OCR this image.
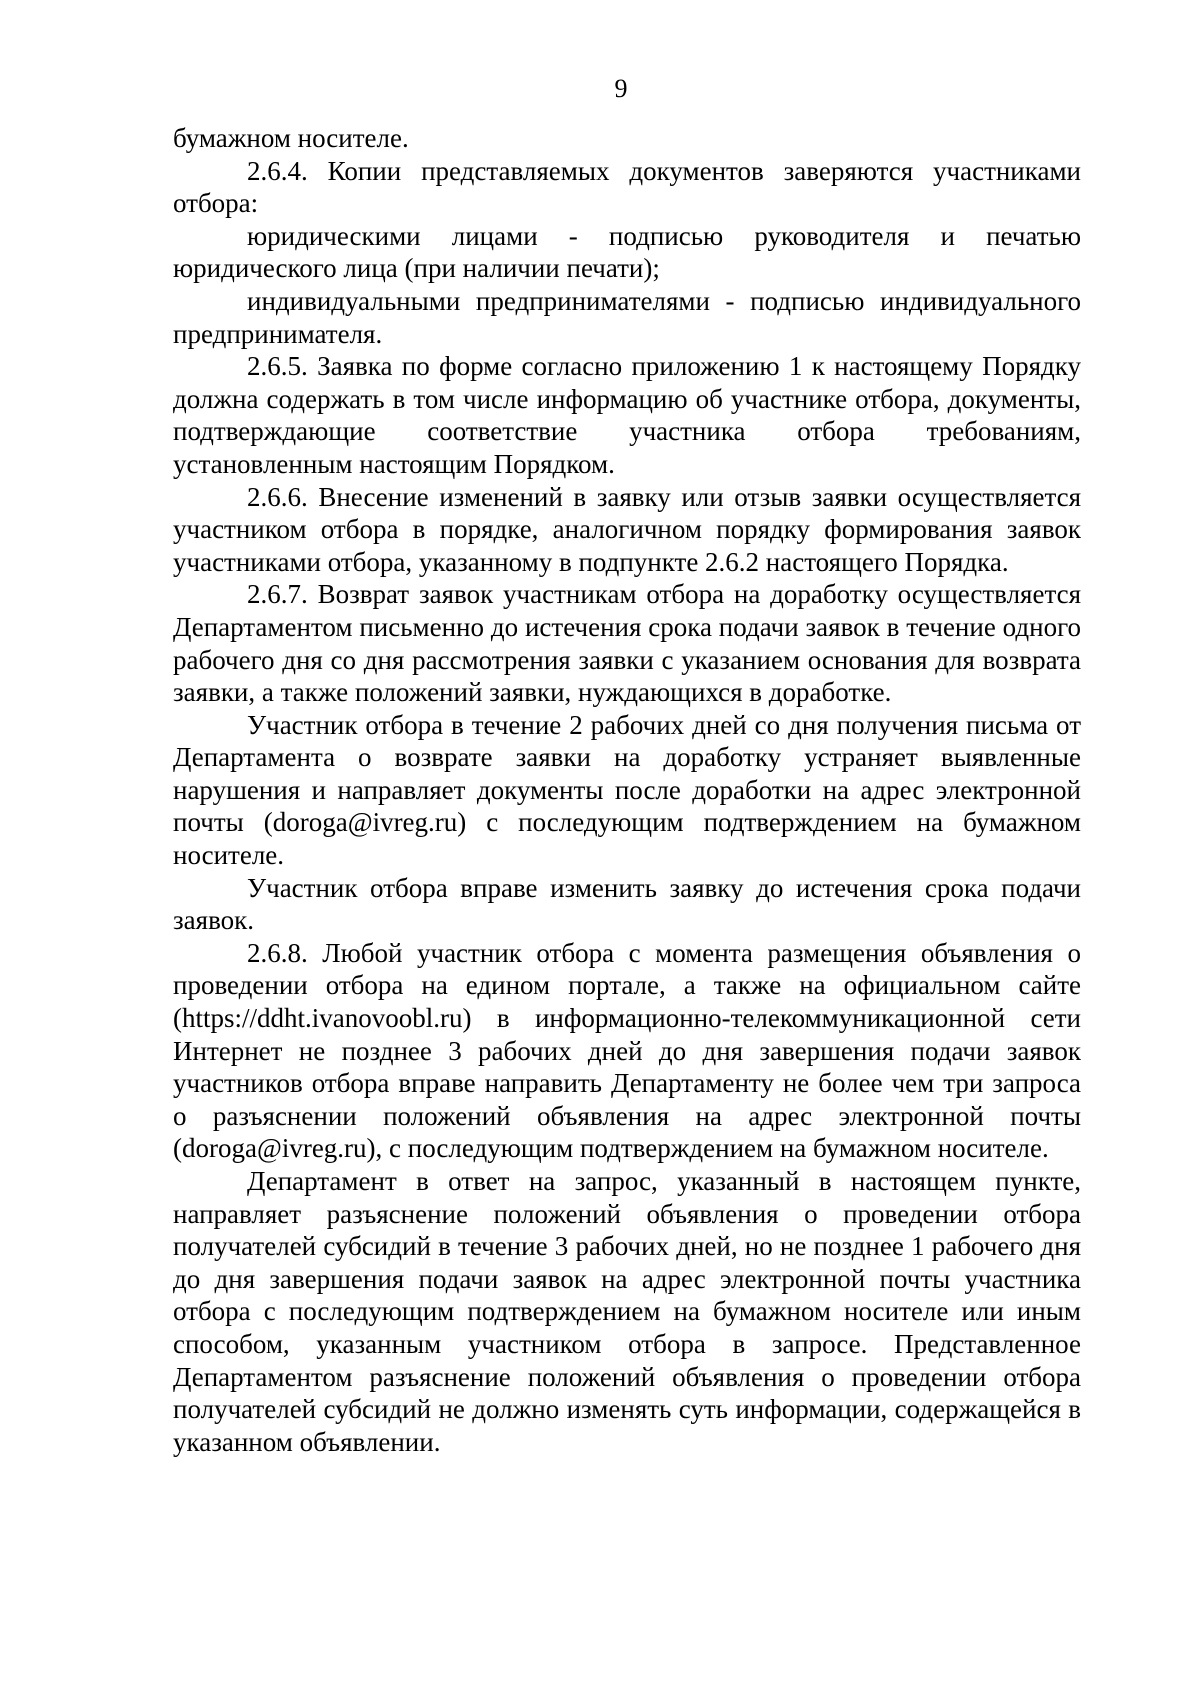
9

бумажном носителе.

2.6.4. Копии представляемых документов заверяются участниками отбора:

юридическими лицами - подписью руководителя и печатью юридического лица (при наличии печати);

индивидуальными предпринимателями - подписью индивидуального предпринимателя.

2.6.5. Заявка по форме согласно приложению 1 к настоящему Порядку должна содержать в том числе информацию об участнике отбора, документы, подтверждающие соответствие участника отбора требованиям, установленным настоящим Порядком.

2.6.6. Внесение изменений в заявку или отзыв заявки осуществляется участником отбора в порядке, аналогичном порядку формирования заявок участниками отбора, указанному в подпункте 2.6.2 настоящего Порядка.

2.6.7. Возврат заявок участникам отбора на доработку осуществляется Департаментом письменно до истечения срока подачи заявок в течение одного рабочего дня со дня рассмотрения заявки с указанием основания для возврата заявки, а также положений заявки, нуждающихся в доработке.

Участник отбора в течение 2 рабочих дней со дня получения письма от Департамента о возврате заявки на доработку устраняет выявленные нарушения и направляет документы после доработки на адрес электронной почты (doroga@ivreg.ru) с последующим подтверждением на бумажном носителе.

Участник отбора вправе изменить заявку до истечения срока подачи заявок.

2.6.8. Любой участник отбора с момента размещения объявления о проведении отбора на едином портале, а также на официальном сайте (https://ddht.ivanovoobl.ru) в информационно-телекоммуникационной сети Интернет не позднее 3 рабочих дней до дня завершения подачи заявок участников отбора вправе направить Департаменту не более чем три запроса о разъяснении положений объявления на адрес электронной почты (doroga@ivreg.ru), с последующим подтверждением на бумажном носителе.

Департамент в ответ на запрос, указанный в настоящем пункте, направляет разъяснение положений объявления о проведении отбора получателей субсидий в течение 3 рабочих дней, но не позднее 1 рабочего дня до дня завершения подачи заявок на адрес электронной почты участника отбора с последующим подтверждением на бумажном носителе или иным способом, указанным участником отбора в запросе. Представленное Департаментом разъяснение положений объявления о проведении отбора получателей субсидий не должно изменять суть информации, содержащейся в указанном объявлении.
